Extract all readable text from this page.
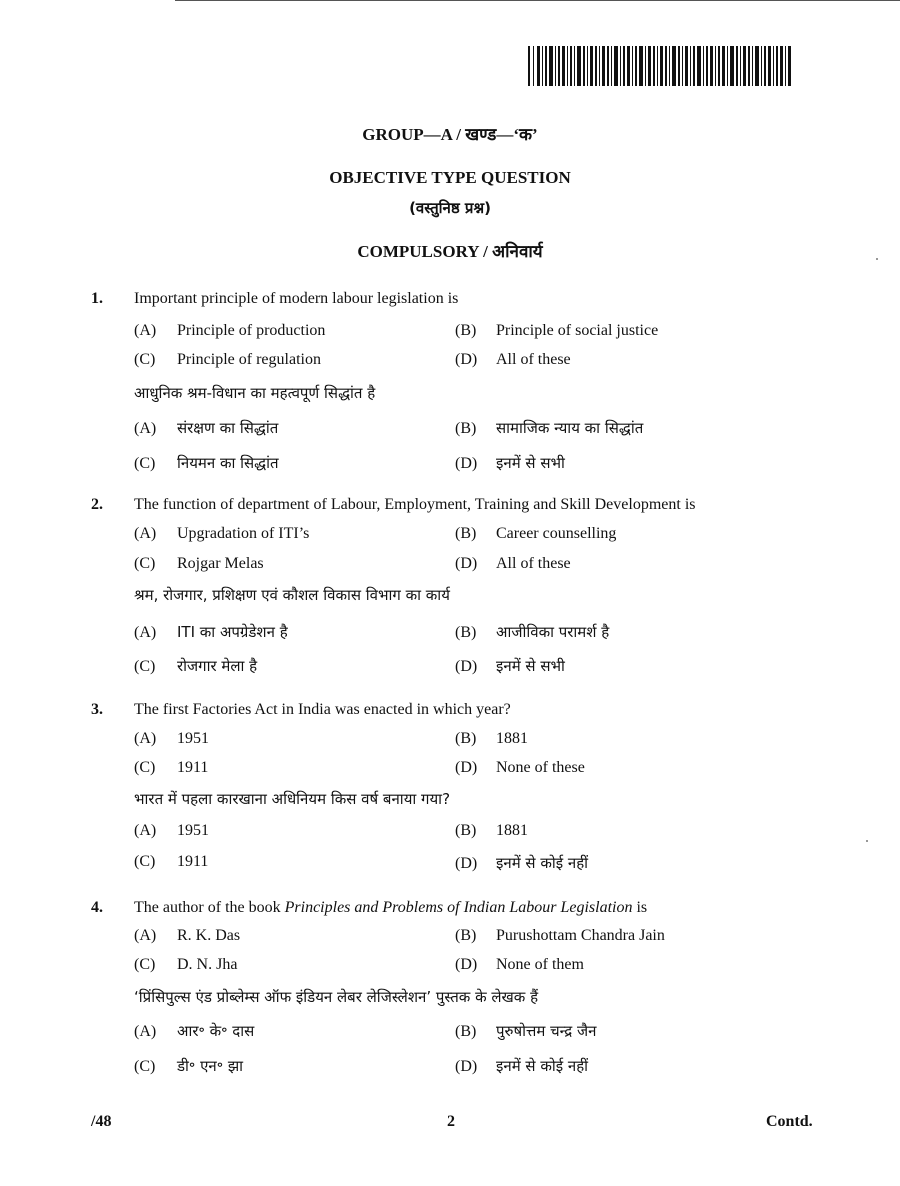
GROUP—A / खण्ड—‘क’
OBJECTIVE TYPE QUESTION
(वस्तुनिष्ठ प्रश्न)
COMPULSORY / अनिवार्य
1. Important principle of modern labour legislation is
(A) Principle of production	(B) Principle of social justice
(C) Principle of regulation	(D) All of these
आधुनिक श्रम-विधान का महत्वपूर्ण सिद्धांत है
(A) संरक्षण का सिद्धांत	(B) सामाजिक न्याय का सिद्धांत
(C) नियमन का सिद्धांत	(D) इनमें से सभी
2. The function of department of Labour, Employment, Training and Skill Development is
(A) Upgradation of ITI’s	(B) Career counselling
(C) Rojgar Melas	(D) All of these
श्रम, रोजगार, प्रशिक्षण एवं कौशल विकास विभाग का कार्य
(A) ITI का अपग्रेडेशन है	(B) आजीविका परामर्श है
(C) रोजगार मेला है	(D) इनमें से सभी
3. The first Factories Act in India was enacted in which year?
(A) 1951	(B) 1881
(C) 1911	(D) None of these
भारत में पहला कारखाना अधिनियम किस वर्ष बनाया गया?
(A) 1951	(B) 1881
(C) 1911	(D) इनमें से कोई नहीं
4. The author of the book Principles and Problems of Indian Labour Legislation is
(A) R. K. Das	(B) Purushottam Chandra Jain
(C) D. N. Jha	(D) None of them
‘प्रिंसिपुल्स एंड प्रोब्लेम्स ऑफ इंडियन लेबर लेजिस्लेशन’ पुस्तक के लेखक हैं
(A) आर॰ के॰ दास	(B) पुरुषोत्तम चन्द्र जैन
(C) डी॰ एन॰ झा	(D) इनमें से कोई नहीं
/48	2	Contd.
